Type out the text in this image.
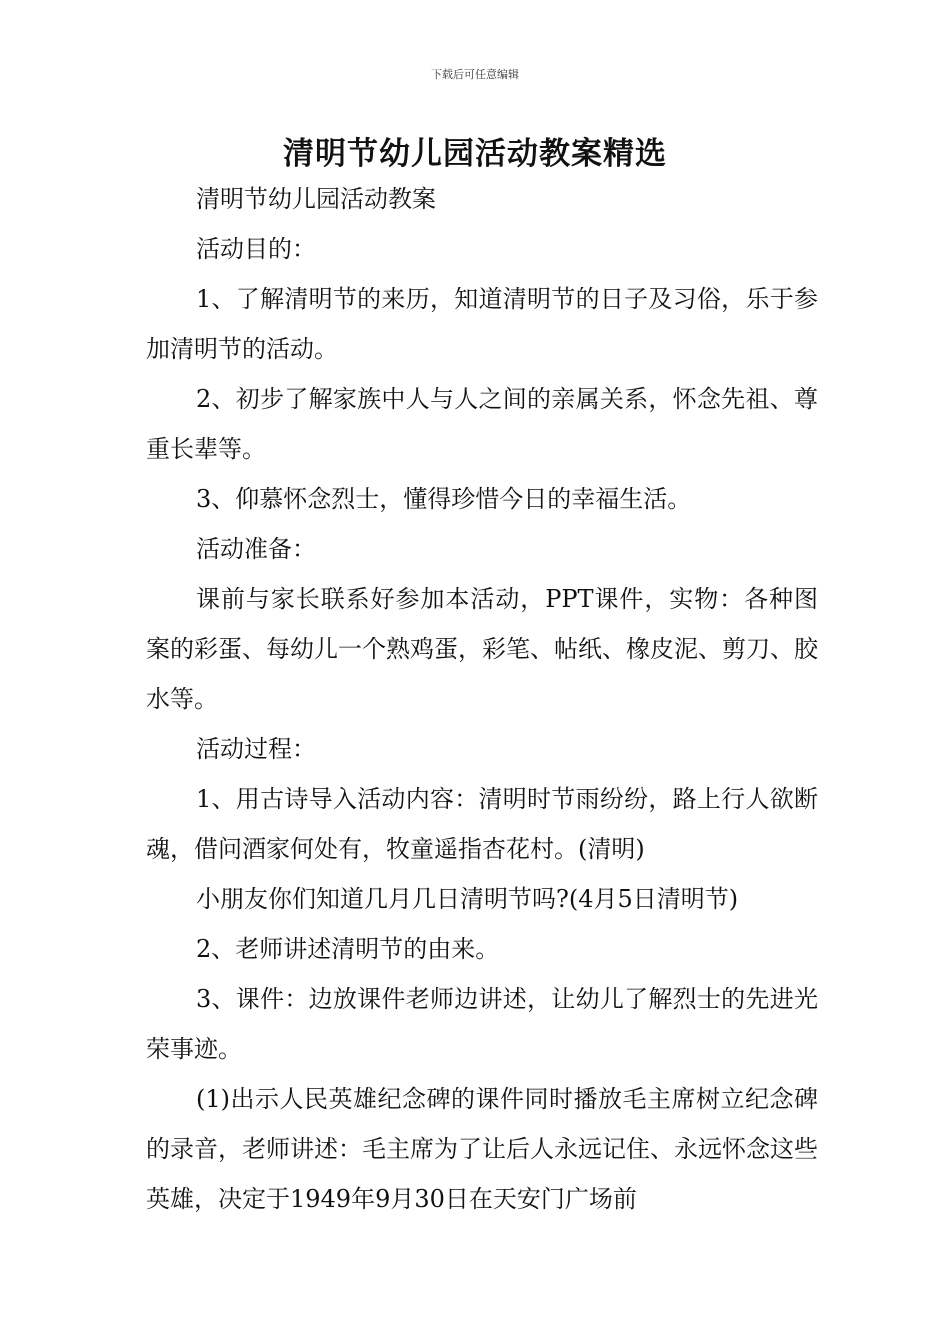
下载后可任意编辑
清明节幼儿园活动教案精选

清明节幼儿园活动教案

活动目的：

1、了解清明节的来历，知道清明节的日子及习俗，乐于参加清明节的活动。

2、初步了解家族中人与人之间的亲属关系，怀念先祖、尊重长辈等。

3、仰慕怀念烈士，懂得珍惜今日的幸福生活。

活动准备：

课前与家长联系好参加本活动，PPT课件，实物：各种图案的彩蛋、每幼儿一个熟鸡蛋，彩笔、帖纸、橡皮泥、剪刀、胶水等。

活动过程：

1、用古诗导入活动内容：清明时节雨纷纷，路上行人欲断魂，借问酒家何处有，牧童遥指杏花村。(清明)

小朋友你们知道几月几日清明节吗?(4月5日清明节)

2、老师讲述清明节的由来。

3、课件：边放课件老师边讲述，让幼儿了解烈士的先进光荣事迹。

(1)出示人民英雄纪念碑的课件同时播放毛主席树立纪念碑的录音，老师讲述：毛主席为了让后人永远记住、永远怀念这些英雄，决定于1949年9月30日在天安门广场前
